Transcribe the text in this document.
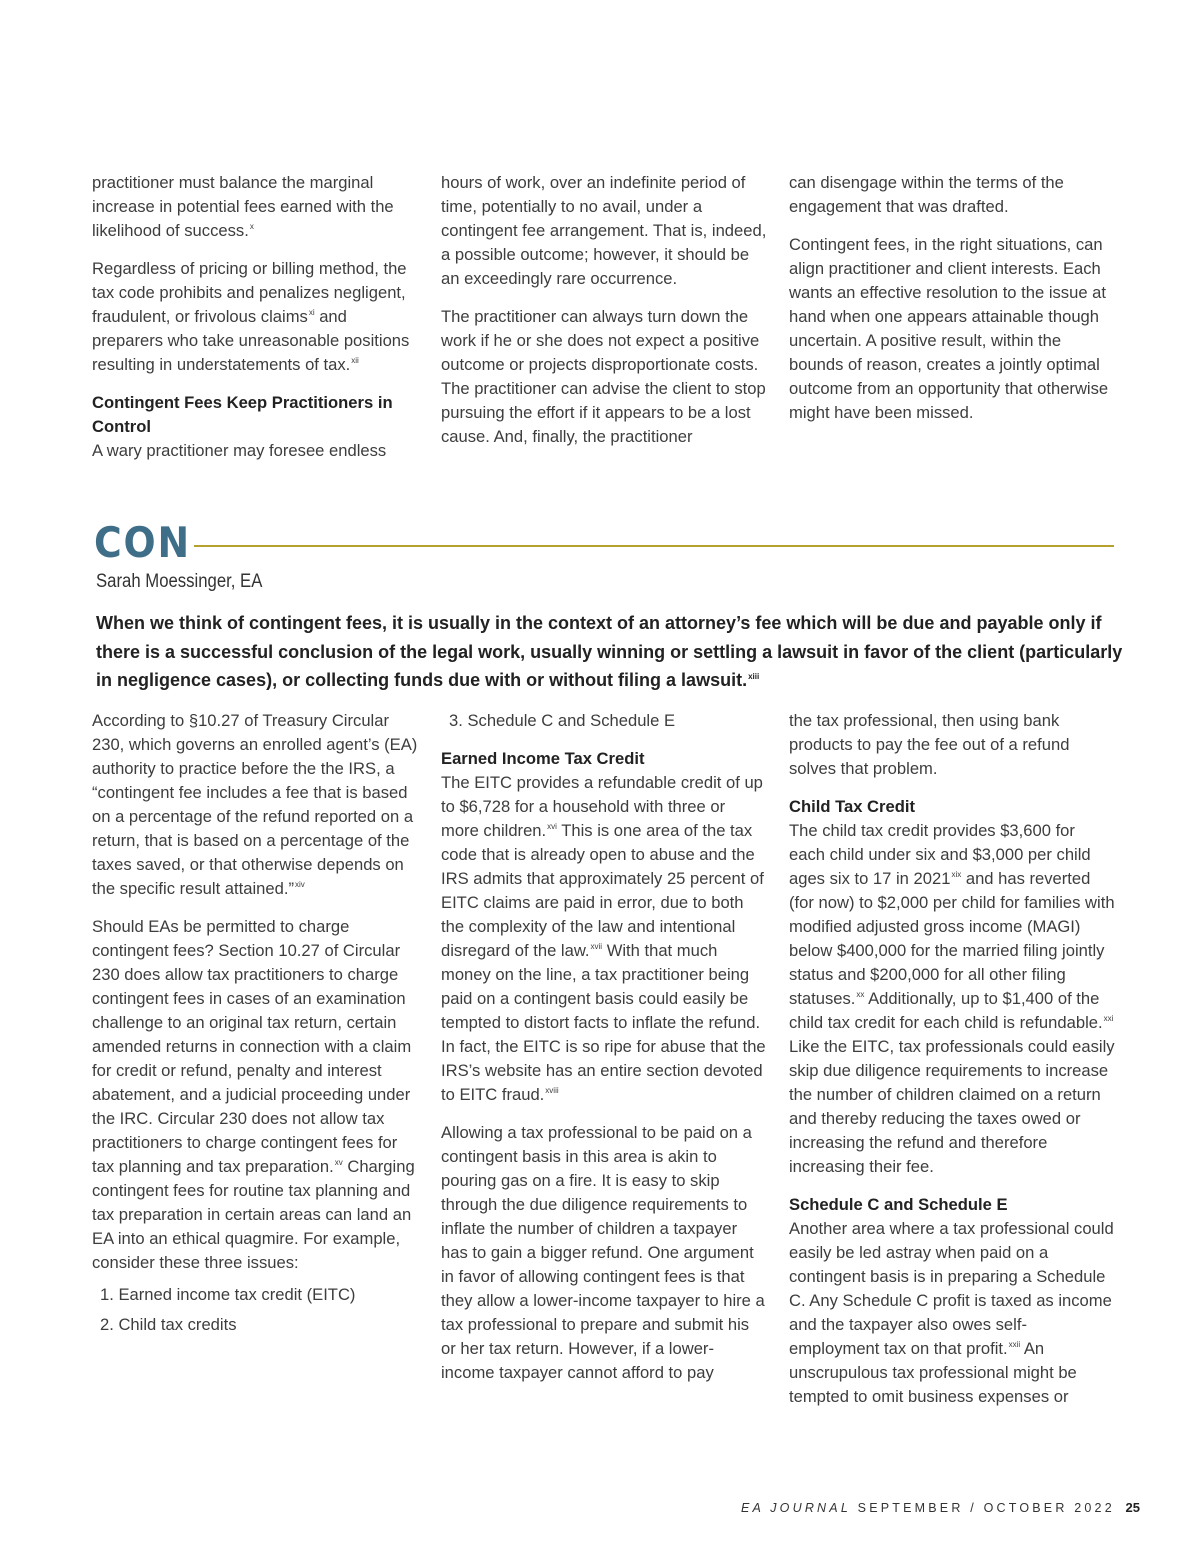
practitioner must balance the marginal increase in potential fees earned with the likelihood of success.$^x$

Regardless of pricing or billing method, the tax code prohibits and penalizes negligent, fraudulent, or frivolous claims$^{xi}$ and preparers who take unreasonable positions resulting in understatements of tax.$^{xii}$

Contingent Fees Keep Practitioners in Control

A wary practitioner may foresee endless

hours of work, over an indefinite period of time, potentially to no avail, under a contingent fee arrangement. That is, indeed, a possible outcome; however, it should be an exceedingly rare occurrence.

The practitioner can always turn down the work if he or she does not expect a positive outcome or projects disproportionate costs. The practitioner can advise the client to stop pursuing the effort if it appears to be a lost cause. And, finally, the practitioner

can disengage within the terms of the engagement that was drafted.

Contingent fees, in the right situations, can align practitioner and client interests. Each wants an effective resolution to the issue at hand when one appears attainable though uncertain. A positive result, within the bounds of reason, creates a jointly optimal outcome from an opportunity that otherwise might have been missed.

CON
Sarah Moessinger, EA
When we think of contingent fees, it is usually in the context of an attorney’s fee which will be due and payable only if there is a successful conclusion of the legal work, usually winning or settling a lawsuit in favor of the client (particularly in negligence cases), or collecting funds due with or without filing a lawsuit.$^{xiii}$

According to §10.27 of Treasury Circular 230, which governs an enrolled agent’s (EA) authority to practice before the the IRS, a “contingent fee includes a fee that is based on a percentage of the refund reported on a return, that is based on a percentage of the taxes saved, or that otherwise depends on the specific result attained.”$^{xiv}$

Should EAs be permitted to charge contingent fees? Section 10.27 of Circular 230 does allow tax practitioners to charge contingent fees in cases of an examination challenge to an original tax return, certain amended returns in connection with a claim for credit or refund, penalty and interest abatement, and a judicial proceeding under the IRC. Circular 230 does not allow tax practitioners to charge contingent fees for tax planning and tax preparation.$^{xv}$ Charging contingent fees for routine tax planning and tax preparation in certain areas can land an EA into an ethical quagmire. For example, consider these three issues:

1. Earned income tax credit (EITC)
2. Child tax credits

3. Schedule C and Schedule E

Earned Income Tax Credit

The EITC provides a refundable credit of up to $6,728 for a household with three or more children.$^{xvi}$ This is one area of the tax code that is already open to abuse and the IRS admits that approximately 25 percent of EITC claims are paid in error, due to both the complexity of the law and intentional disregard of the law.$^{xvii}$ With that much money on the line, a tax practitioner being paid on a contingent basis could easily be tempted to distort facts to inflate the refund. In fact, the EITC is so ripe for abuse that the IRS’s website has an entire section devoted to EITC fraud.$^{xviii}$

Allowing a tax professional to be paid on a contingent basis in this area is akin to pouring gas on a fire. It is easy to skip through the due diligence requirements to inflate the number of children a taxpayer has to gain a bigger refund. One argument in favor of allowing contingent fees is that they allow a lower-income taxpayer to hire a tax professional to prepare and submit his or her tax return. However, if a lower-income taxpayer cannot afford to pay

the tax professional, then using bank products to pay the fee out of a refund solves that problem.

Child Tax Credit

The child tax credit provides $3,600 for each child under six and $3,000 per child ages six to 17 in 2021$^{xix}$ and has reverted (for now) to $2,000 per child for families with modified adjusted gross income (MAGI) below $400,000 for the married filing jointly status and $200,000 for all other filing statuses.$^{xx}$ Additionally, up to $1,400 of the child tax credit for each child is refundable.$^{xxi}$ Like the EITC, tax professionals could easily skip due diligence requirements to increase the number of children claimed on a return and thereby reducing the taxes owed or increasing the refund and therefore increasing their fee.

Schedule C and Schedule E

Another area where a tax professional could easily be led astray when paid on a contingent basis is in preparing a Schedule C. Any Schedule C profit is taxed as income and the taxpayer also owes self-employment tax on that profit.$^{xxii}$ An unscrupulous tax professional might be tempted to omit business expenses or

EA JOURNAL SEPTEMBER / OCTOBER 2022 25
